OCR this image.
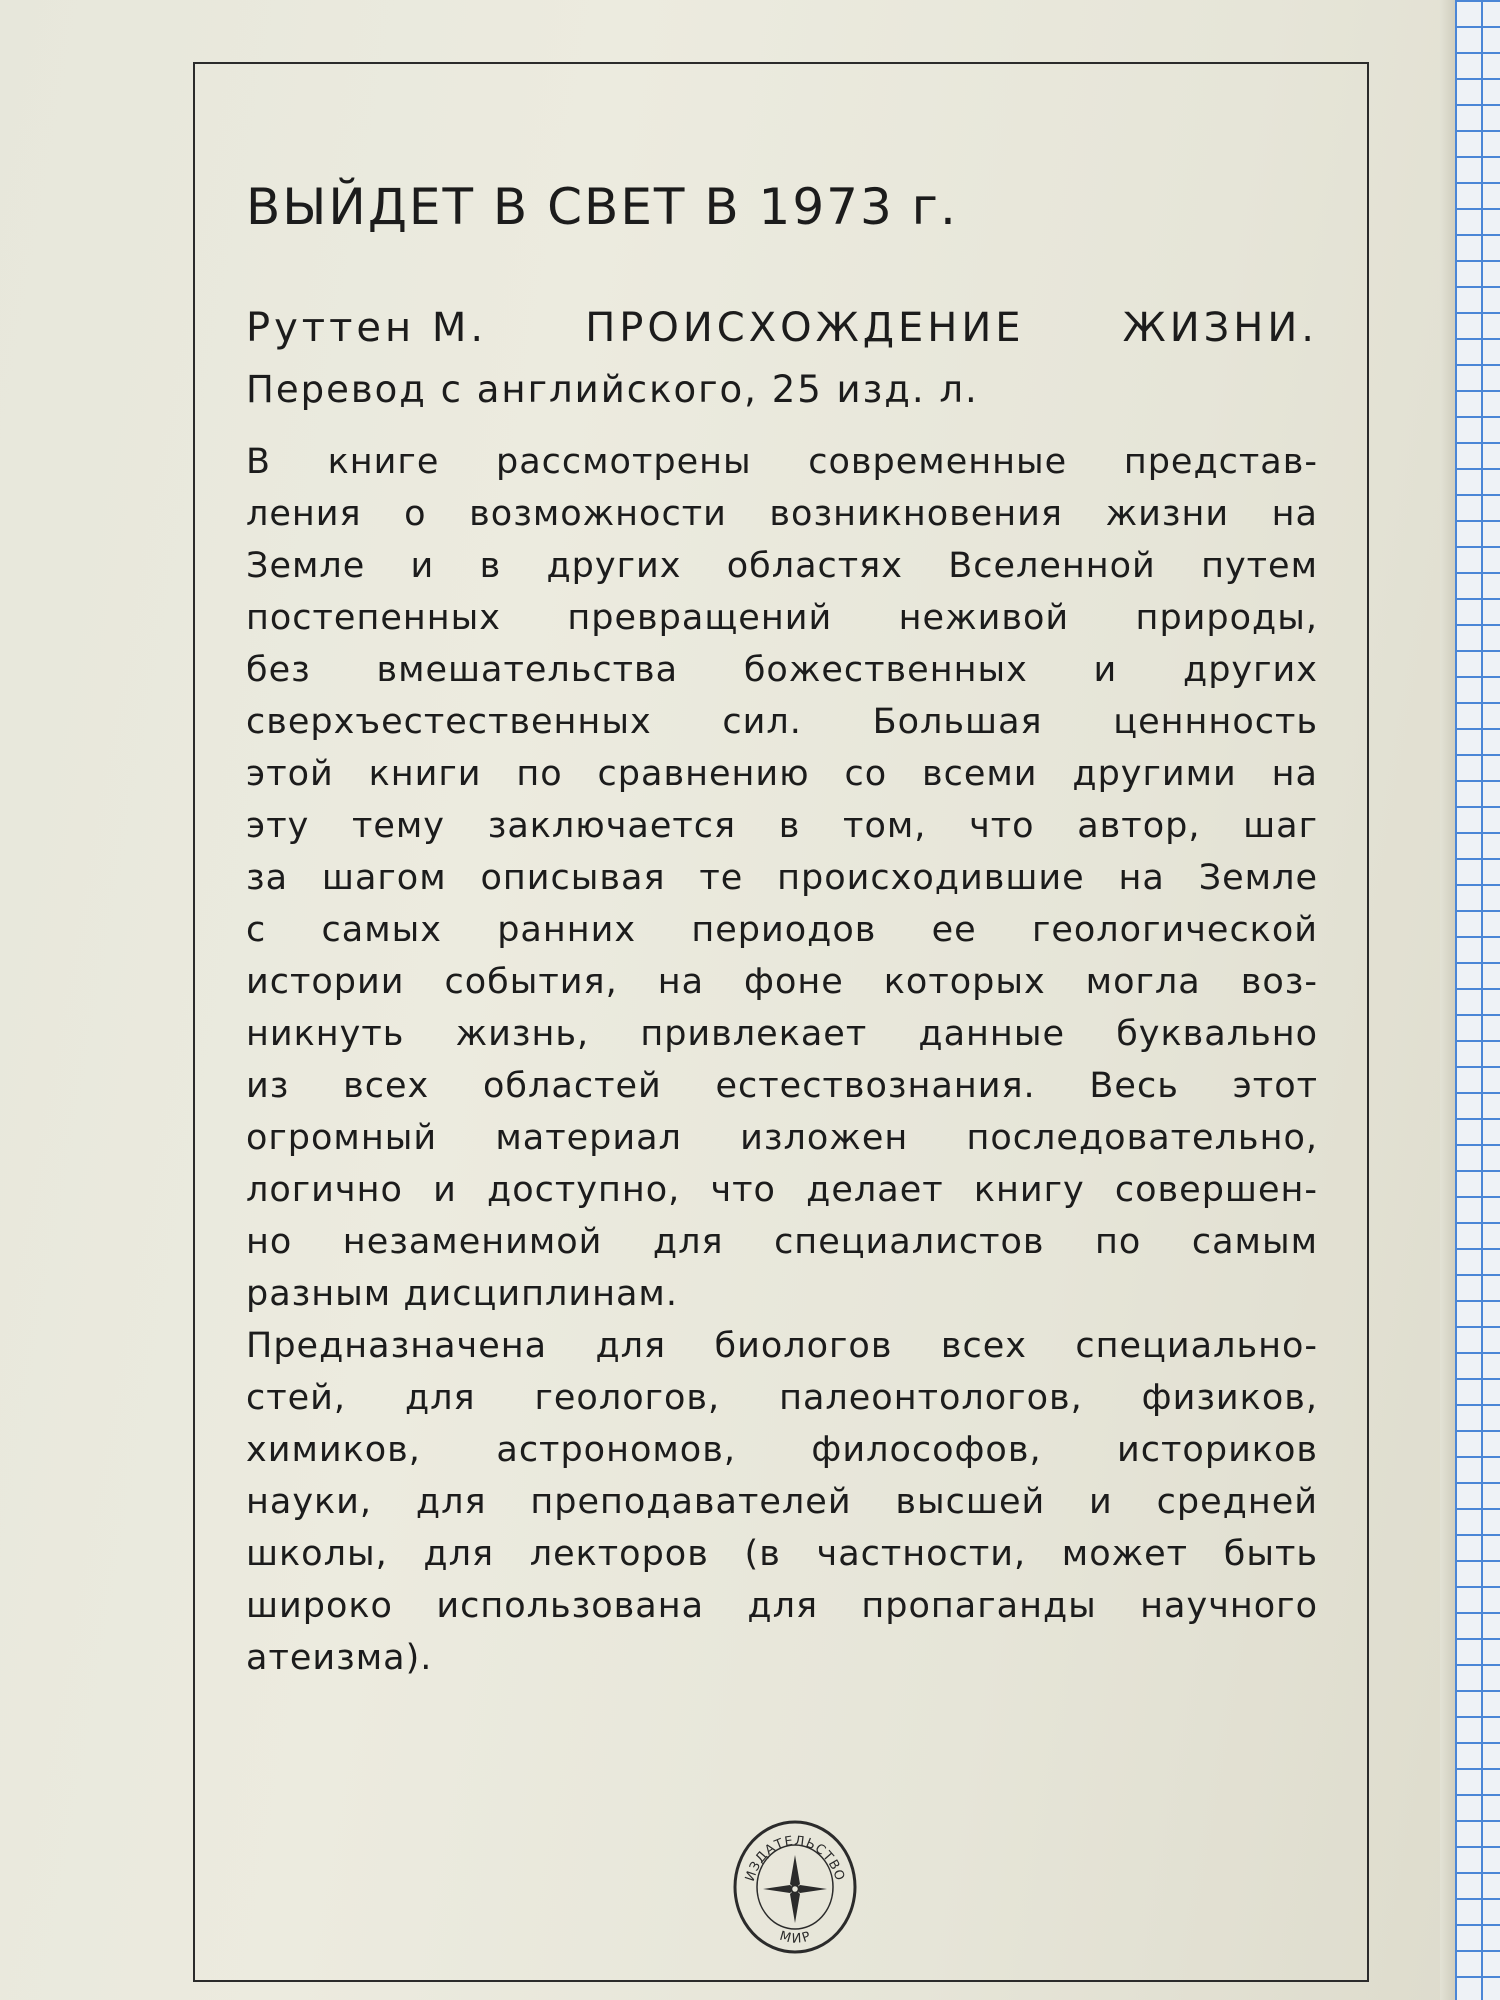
ВЫЙДЕТ В СВЕТ В 1973 г.
Руттен М. ПРОИСХОЖДЕНИЕ ЖИЗНИ.
Перевод с английского, 25 изд. л.
В книге рассмотрены современные представ-
ления о возможности возникновения жизни на
Земле и в других областях Вселенной путем
постепенных превращений неживой природы,
без вмешательства божественных и других
сверхъестественных сил. Большая ценнность
этой книги по сравнению со всеми другими на
эту тему заключается в том, что автор, шаг
за шагом описывая те происходившие на Земле
с самых ранних периодов ее геологической
истории события, на фоне которых могла воз-
никнуть жизнь, привлекает данные буквально
из всех областей естествознания. Весь этот
огромный материал изложен последовательно,
логично и доступно, что делает книгу совершен-
но незаменимой для специалистов по самым
разным дисциплинам.
Предназначена для биологов всех специально-
стей, для геологов, палеонтологов, физиков,
химиков, астрономов, философов, историков
науки, для преподавателей высшей и средней
школы, для лекторов (в частности, может быть
широко использована для пропаганды научного
атеизма).
ИЗДАТЕЛЬСТВО
МИР
